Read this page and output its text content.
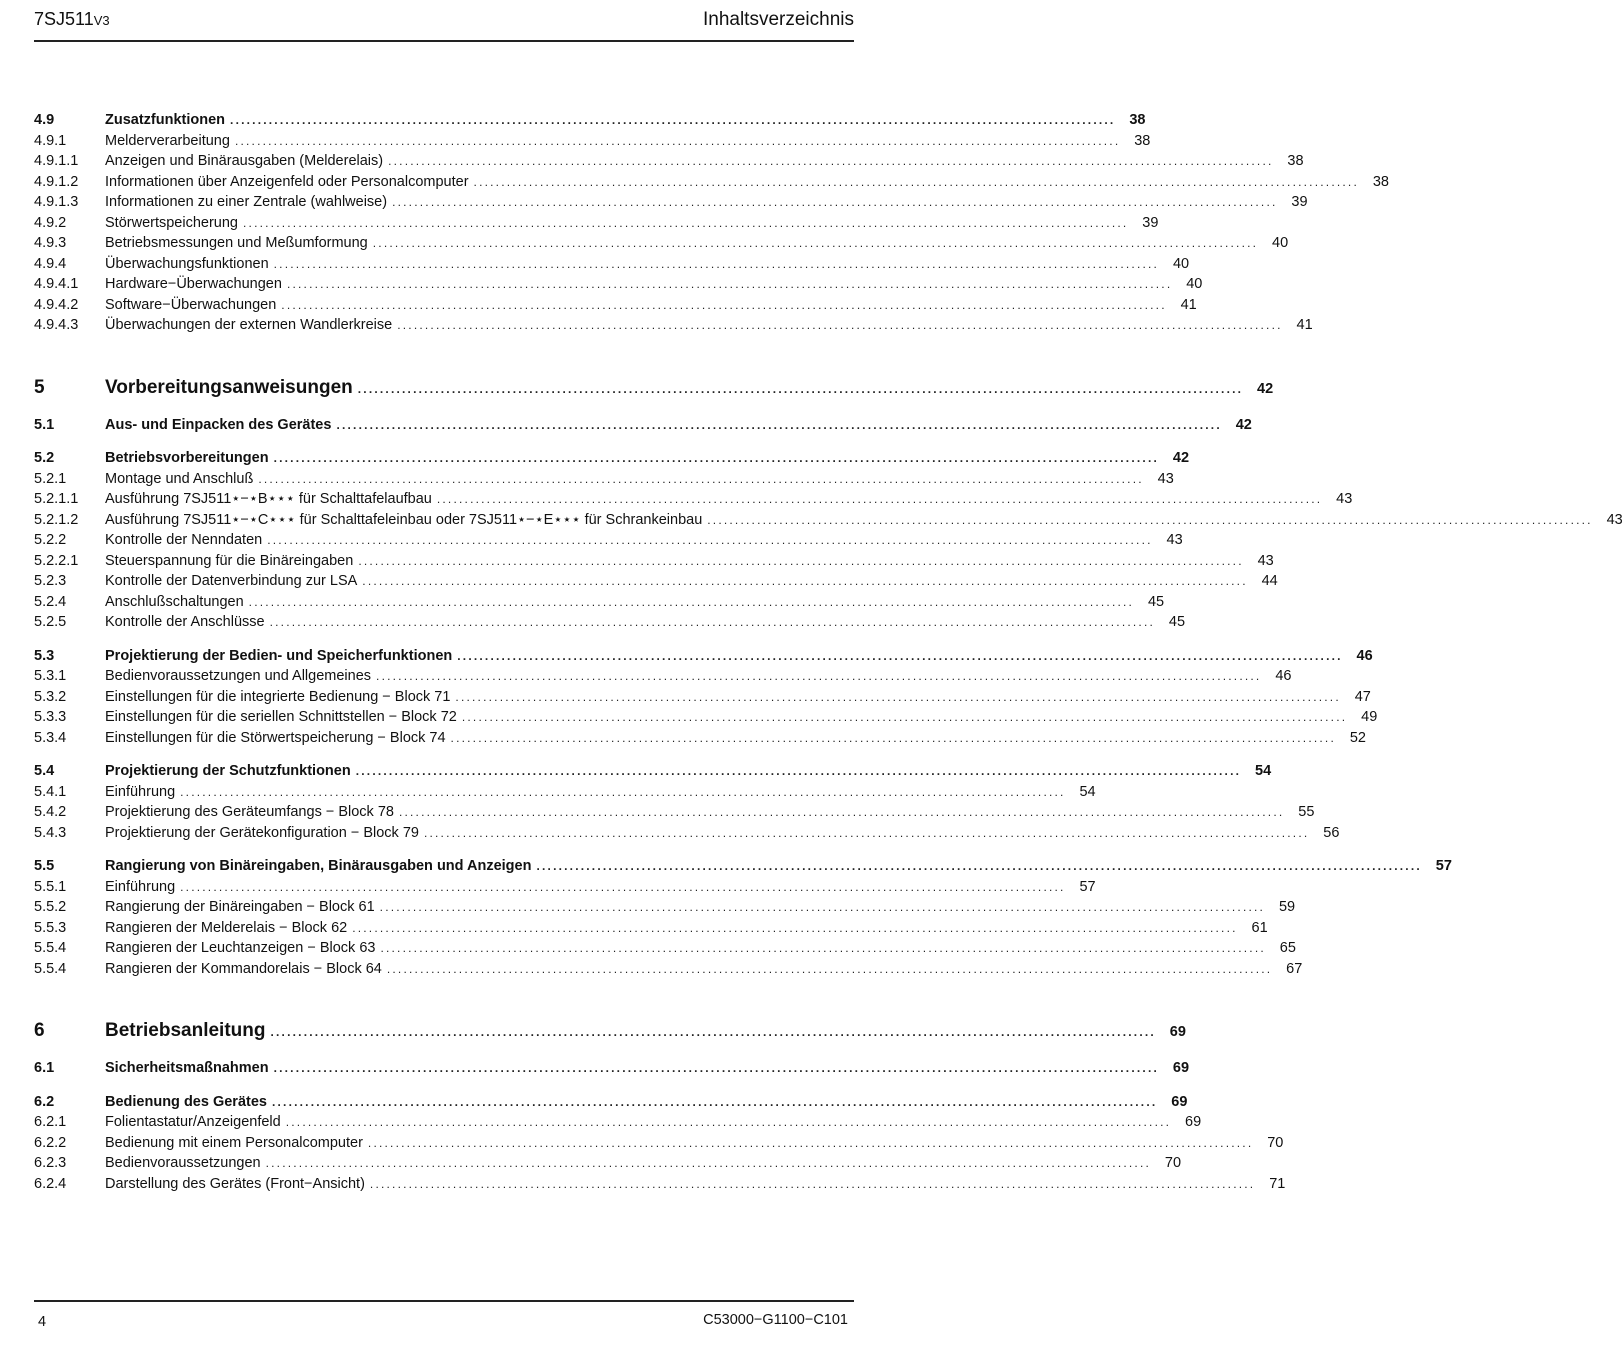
7SJ511V3	Inhaltsverzeichnis
4.9	Zusatzfunktionen ................................................................................................................................................................ 38
4.9.1	Melderverarbeitung ................................................................................................................................................................ 38
4.9.1.1	Anzeigen und Binärausgaben (Melderelais) ................................................................................................................................................................ 38
4.9.1.2	Informationen über Anzeigenfeld oder Personalcomputer ................................................................................................................................................................ 38
4.9.1.3	Informationen zu einer Zentrale (wahlweise) ................................................................................................................................................................ 39
4.9.2	Störwertspeicherung ................................................................................................................................................................ 39
4.9.3	Betriebsmessungen und Meßumformung ................................................................................................................................................................ 40
4.9.4	Überwachungsfunktionen ................................................................................................................................................................ 40
4.9.4.1	Hardware−Überwachungen ................................................................................................................................................................ 40
4.9.4.2	Software−Überwachungen ................................................................................................................................................................ 41
4.9.4.3	Überwachungen der externen Wandlerkreise ................................................................................................................................................................ 41
5	Vorbereitungsanweisungen ................................................................................................................................................................ 42
5.1	Aus- und Einpacken des Gerätes ................................................................................................................................................................ 42
5.2	Betriebsvorbereitungen ................................................................................................................................................................ 42
5.2.1	Montage und Anschluß ................................................................................................................................................................ 43
5.2.1.1	Ausführung 7SJ511⋆−⋆B⋆⋆⋆ für Schalttafelaufbau ................................................................................................................................................................ 43
5.2.1.2	Ausführung 7SJ511⋆−⋆C⋆⋆⋆ für Schalttafeleinbau oder 7SJ511⋆−⋆E⋆⋆⋆ für Schrankeinbau ................................................................................................................................................................ 43
5.2.2	Kontrolle der Nenndaten ................................................................................................................................................................ 43
5.2.2.1	Steuerspannung für die Binäreingaben ................................................................................................................................................................ 43
5.2.3	Kontrolle der Datenverbindung zur LSA ................................................................................................................................................................ 44
5.2.4	Anschlußschaltungen ................................................................................................................................................................ 45
5.2.5	Kontrolle der Anschlüsse ................................................................................................................................................................ 45
5.3	Projektierung der Bedien- und Speicherfunktionen ................................................................................................................................................................ 46
5.3.1	Bedienvoraussetzungen und Allgemeines ................................................................................................................................................................ 46
5.3.2	Einstellungen für die integrierte Bedienung − Block 71 ................................................................................................................................................................ 47
5.3.3	Einstellungen für die seriellen Schnittstellen − Block 72 ................................................................................................................................................................ 49
5.3.4	Einstellungen für die Störwertspeicherung − Block 74 ................................................................................................................................................................ 52
5.4	Projektierung der Schutzfunktionen ................................................................................................................................................................ 54
5.4.1	Einführung ................................................................................................................................................................ 54
5.4.2	Projektierung des Geräteumfangs − Block 78 ................................................................................................................................................................ 55
5.4.3	Projektierung der Gerätekonfiguration − Block 79 ................................................................................................................................................................ 56
5.5	Rangierung von Binäreingaben, Binärausgaben und Anzeigen ................................................................................................................................................................ 57
5.5.1	Einführung ................................................................................................................................................................ 57
5.5.2	Rangierung der Binäreingaben − Block 61 ................................................................................................................................................................ 59
5.5.3	Rangieren der Melderelais − Block 62 ................................................................................................................................................................ 61
5.5.4	Rangieren der Leuchtanzeigen − Block 63 ................................................................................................................................................................ 65
5.5.4	Rangieren der Kommandorelais − Block 64 ................................................................................................................................................................ 67
6	Betriebsanleitung ................................................................................................................................................................ 69
6.1	Sicherheitsmaßnahmen ................................................................................................................................................................ 69
6.2	Bedienung des Gerätes ................................................................................................................................................................ 69
6.2.1	Folientastatur/Anzeigenfeld ................................................................................................................................................................ 69
6.2.2	Bedienung mit einem Personalcomputer ................................................................................................................................................................ 70
6.2.3	Bedienvoraussetzungen ................................................................................................................................................................ 70
6.2.4	Darstellung des Gerätes (Front−Ansicht) ................................................................................................................................................................ 71
4	C53000−G1100−C101
